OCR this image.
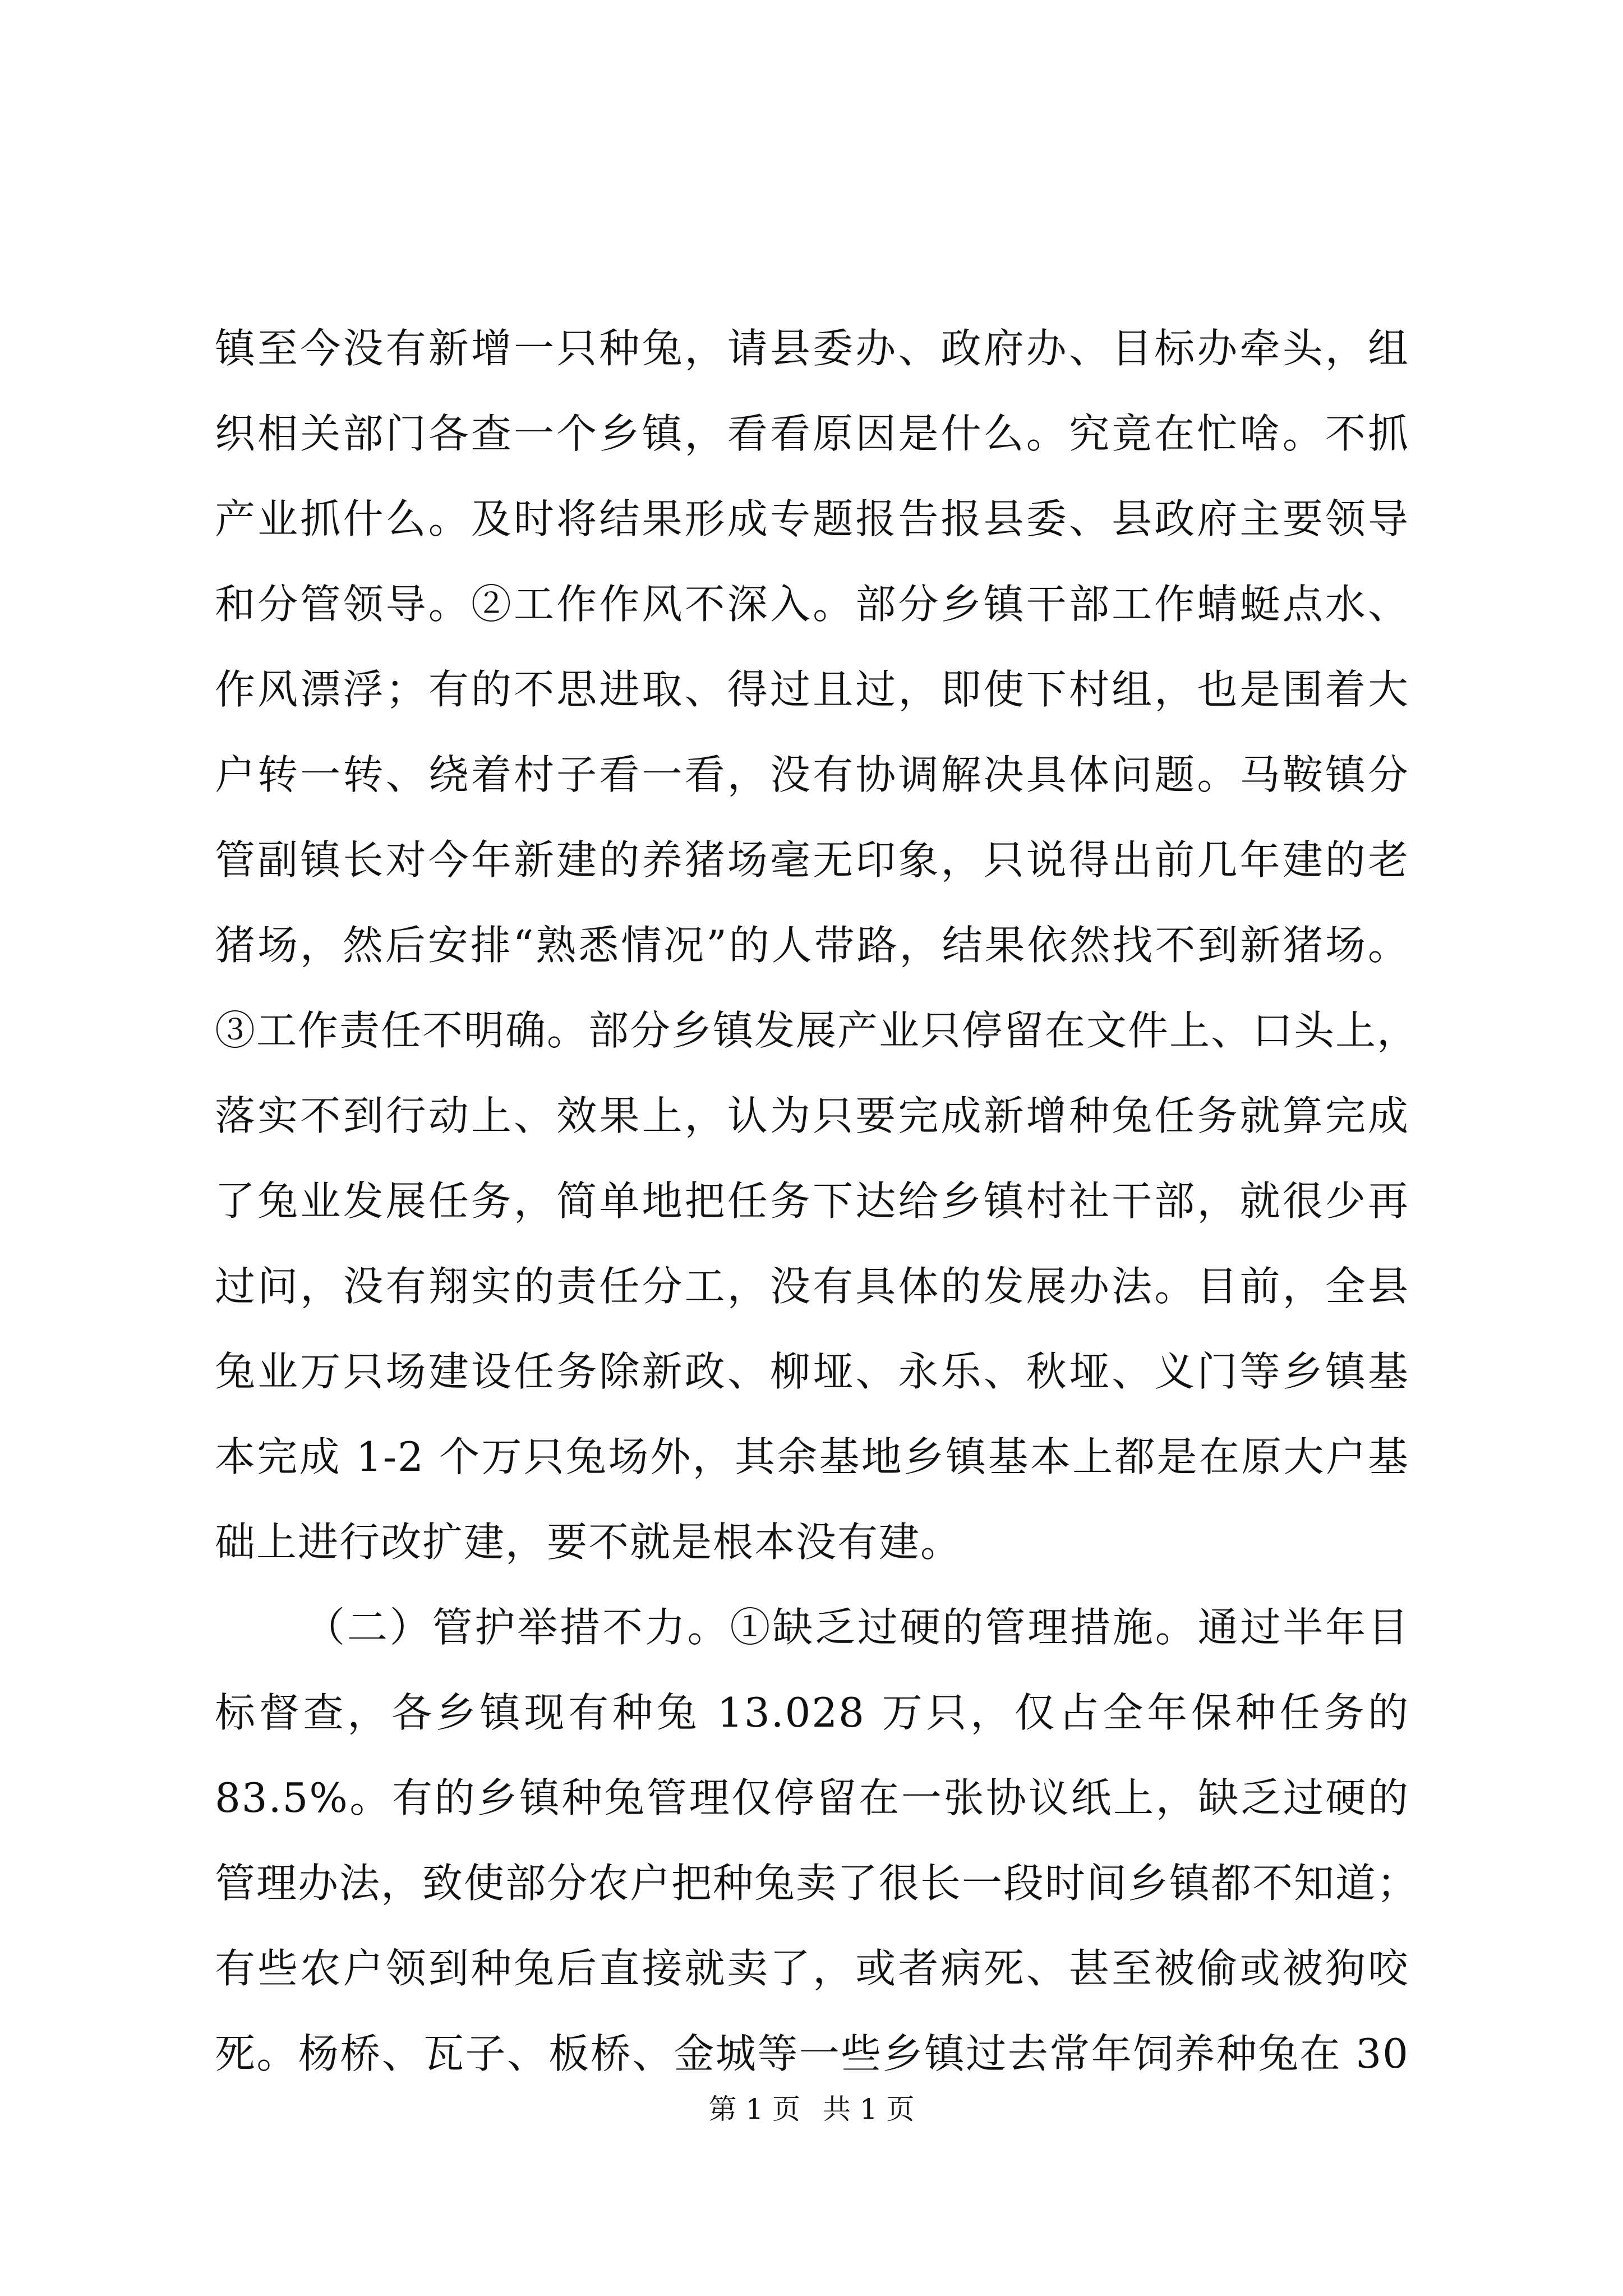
镇至今没有新增一只种兔，请县委办、政府办、目标办牵头，组
织相关部门各查一个乡镇，看看原因是什么。究竟在忙啥。不抓
产业抓什么。及时将结果形成专题报告报县委、县政府主要领导
和分管领导。②工作作风不深入。部分乡镇干部工作蜻蜓点水、
作风漂浮；有的不思进取、得过且过，即使下村组，也是围着大
户转一转、绕着村子看一看，没有协调解决具体问题。马鞍镇分
管副镇长对今年新建的养猪场毫无印象，只说得出前几年建的老
猪场，然后安排“熟悉情况”的人带路，结果依然找不到新猪场。
③工作责任不明确。部分乡镇发展产业只停留在文件上、口头上，
落实不到行动上、效果上，认为只要完成新增种兔任务就算完成
了兔业发展任务，简单地把任务下达给乡镇村社干部，就很少再
过问，没有翔实的责任分工，没有具体的发展办法。目前，全县
兔业万只场建设任务除新政、柳垭、永乐、秋垭、义门等乡镇基
本完成 1-2 个万只兔场外，其余基地乡镇基本上都是在原大户基
础上进行改扩建，要不就是根本没有建。
（二）管护举措不力。①缺乏过硬的管理措施。通过半年目
标督查，各乡镇现有种兔 13.028 万只，仅占全年保种任务的
83.5%。有的乡镇种兔管理仅停留在一张协议纸上，缺乏过硬的
管理办法，致使部分农户把种兔卖了很长一段时间乡镇都不知道；
有些农户领到种兔后直接就卖了，或者病死、甚至被偷或被狗咬
死。杨桥、瓦子、板桥、金城等一些乡镇过去常年饲养种兔在 30
第 1 页 共 1 页
